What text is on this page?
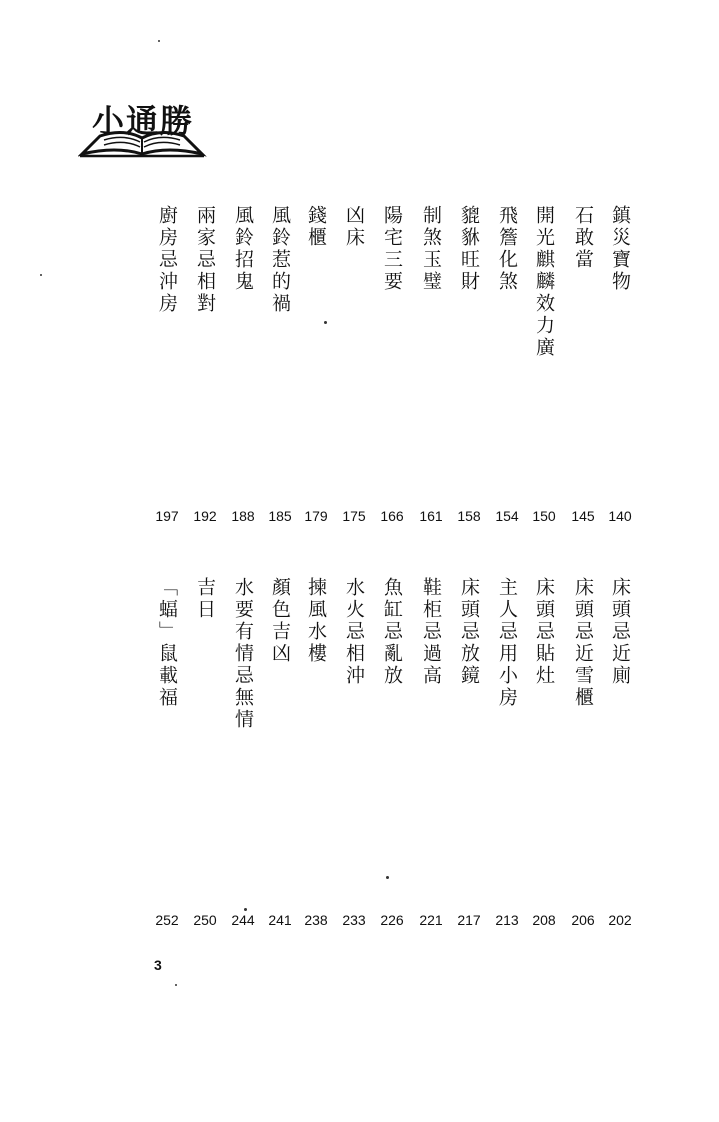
小通勝
鎮災寶物
140
石敢當
145
開光麒麟效力廣
150
飛簷化煞
154
貔貅旺財
158
制煞玉璧
161
陽宅三要
166
凶床
175
錢櫃
179
風鈴惹的禍
185
風鈴招鬼
188
兩家忌相對
192
廚房忌沖房
197
床頭忌近廁
202
床頭忌近雪櫃
206
床頭忌貼灶
208
主人忌用小房
213
床頭忌放鏡
217
鞋柜忌過高
221
魚缸忌亂放
226
水火忌相沖
233
揀風水樓
238
顏色吉凶
241
水要有情忌無情
244
吉日
250
「蝠」鼠載福
252
3
